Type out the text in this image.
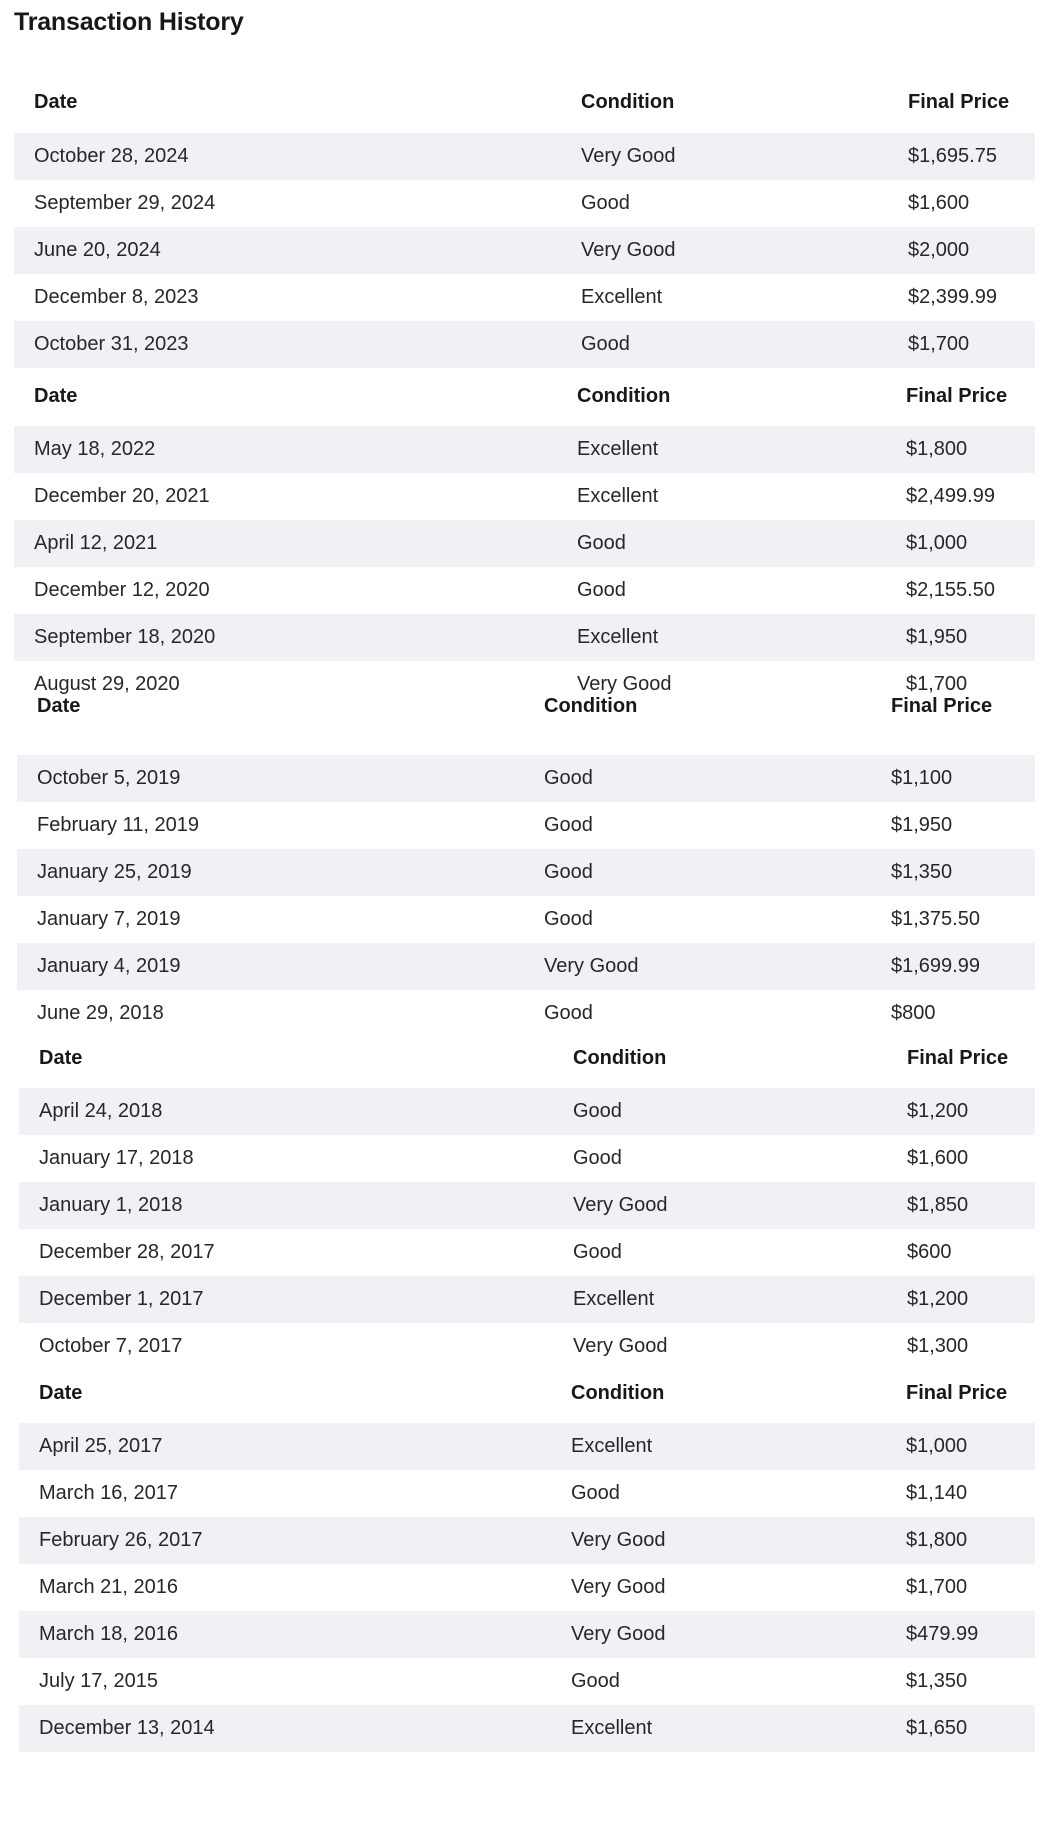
Transaction History
Date	Condition	Final Price
October 28, 2024	Very Good	$1,695.75
September 29, 2024	Good	$1,600
June 20, 2024	Very Good	$2,000
December 8, 2023	Excellent	$2,399.99
October 31, 2023	Good	$1,700
Date	Condition	Final Price
May 18, 2022	Excellent	$1,800
December 20, 2021	Excellent	$2,499.99
April 12, 2021	Good	$1,000
December 12, 2020	Good	$2,155.50
September 18, 2020	Excellent	$1,950
August 29, 2020	Very Good	$1,700
Date	Condition	Final Price
October 5, 2019	Good	$1,100
February 11, 2019	Good	$1,950
January 25, 2019	Good	$1,350
January 7, 2019	Good	$1,375.50
January 4, 2019	Very Good	$1,699.99
June 29, 2018	Good	$800
Date	Condition	Final Price
April 24, 2018	Good	$1,200
January 17, 2018	Good	$1,600
January 1, 2018	Very Good	$1,850
December 28, 2017	Good	$600
December 1, 2017	Excellent	$1,200
October 7, 2017	Very Good	$1,300
Date	Condition	Final Price
April 25, 2017	Excellent	$1,000
March 16, 2017	Good	$1,140
February 26, 2017	Very Good	$1,800
March 21, 2016	Very Good	$1,700
March 18, 2016	Very Good	$479.99
July 17, 2015	Good	$1,350
December 13, 2014	Excellent	$1,650
